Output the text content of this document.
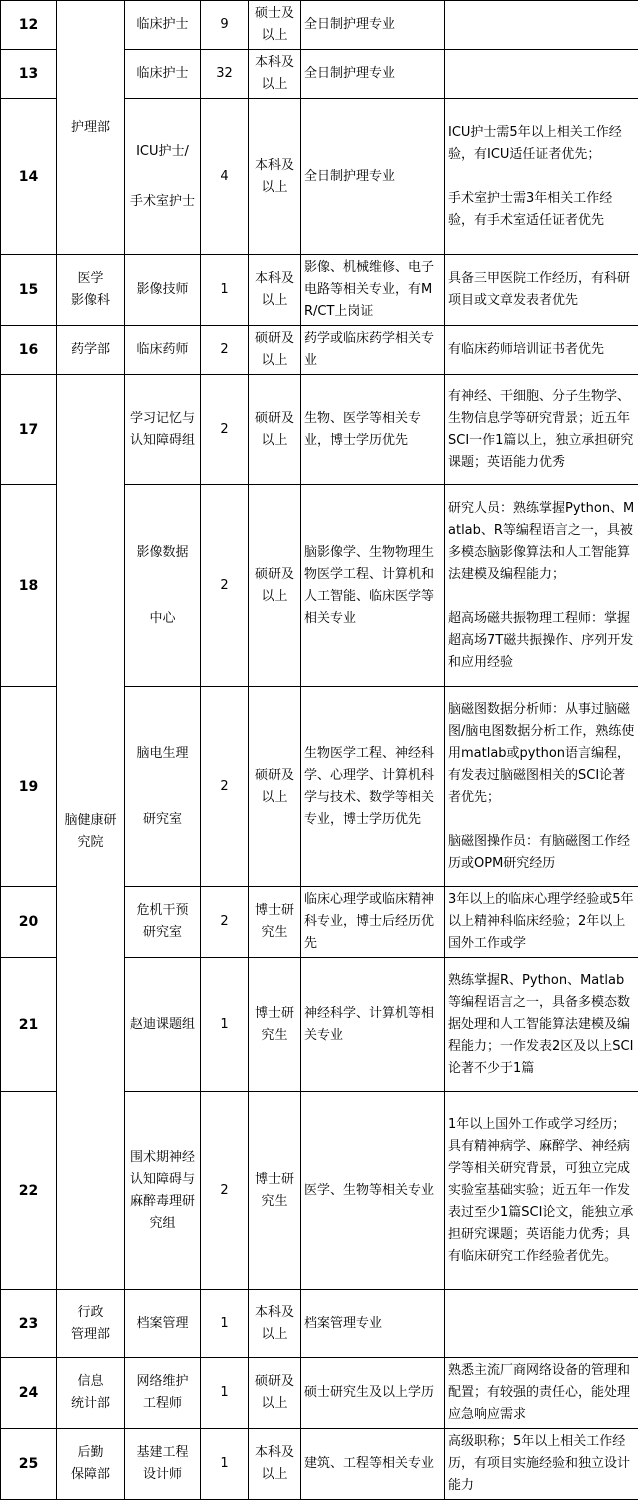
12	护理部	临床护士	9	硕士及以上	全日制护理专业	
13		临床护士	32	本科及以上	全日制护理专业	
14		ICU护士/
手术室护士	4	本科及以上	全日制护理专业	ICU护士需5年以上相关工作经验，有ICU适任证者优先；
手术室护士需3年相关工作经验，有手术室适任证者优先

15	医学
影像科	影像技师	1	本科及以上	影像、机械维修、电子电路等相关专业，有MR/CT上岗证	具备三甲医院工作经历，有科研项目或文章发表者优先
16	药学部	临床药师	2	硕研及以上	药学或临床药学相关专业	有临床药师培训证书者优先
17	脑健康研究院	学习记忆与认知障碍组	2	硕研及以上	生物、医学等相关专业，博士学历优先	有神经、干细胞、分子生物学、生物信息学等研究背景；近五年SCI一作1篇以上，独立承担研究课题；英语能力优秀
18		影像数据
中心	2	硕研及以上	脑影像学、生物物理生物医学工程、计算机和人工智能、临床医学等相关专业	研究人员：熟练掌握Python、Matlab、R等编程语言之一，具被多模态脑影像算法和人工智能算法建模及编程能力；
超高场磁共振物理工程师：掌握超高场7T磁共振操作、序列开发和应用经验

19		脑电生理
研究室	2	硕研及以上	生物医学工程、神经科学、心理学、计算机科学与技术、数学等相关专业，博士学历优先	脑磁图数据分析师：从事过脑磁图/脑电图数据分析工作，熟练使用matlab或python语言编程，有发表过脑磁图相关的SCI论著者优先；
脑磁图操作员：有脑磁图工作经历或OPM研究经历

20		危机干预
研究室	2	博士研究生	临床心理学或临床精神科专业，博士后经历优先	3年以上的临床心理学经验或5年以上精神科临床经验；2年以上国外工作或学
21		赵迪课题组	1	博士研究生	神经科学、计算机等相关专业	熟练掌握R、Python、Matlab等编程语言之一，具备多模态数据处理和人工智能算法建模及编程能力；一作发表2区及以上SCI论著不少于1篇
22		围术期神经认知障碍与麻醉毒理研究组	2	博士研究生	医学、生物等相关专业	1年以上国外工作或学习经历；具有精神病学、麻醉学、神经病学等相关研究背景，可独立完成实验室基础实验；近五年一作发表过至少1篇SCI论文，能独立承担研究课题；英语能力优秀；具有临床研究工作经验者优先。
23	行政
管理部	档案管理	1	本科及以上	档案管理专业	
24	信息
统计部	网络维护
工程师	1	硕研及以上	硕士研究生及以上学历	熟悉主流厂商网络设备的管理和配置；有较强的责任心，能处理应急响应需求
25	后勤
保障部	基建工程
设计师	1	本科及以上	建筑、工程等相关专业	高级职称；5年以上相关工作经历，有项目实施经验和独立设计能力
